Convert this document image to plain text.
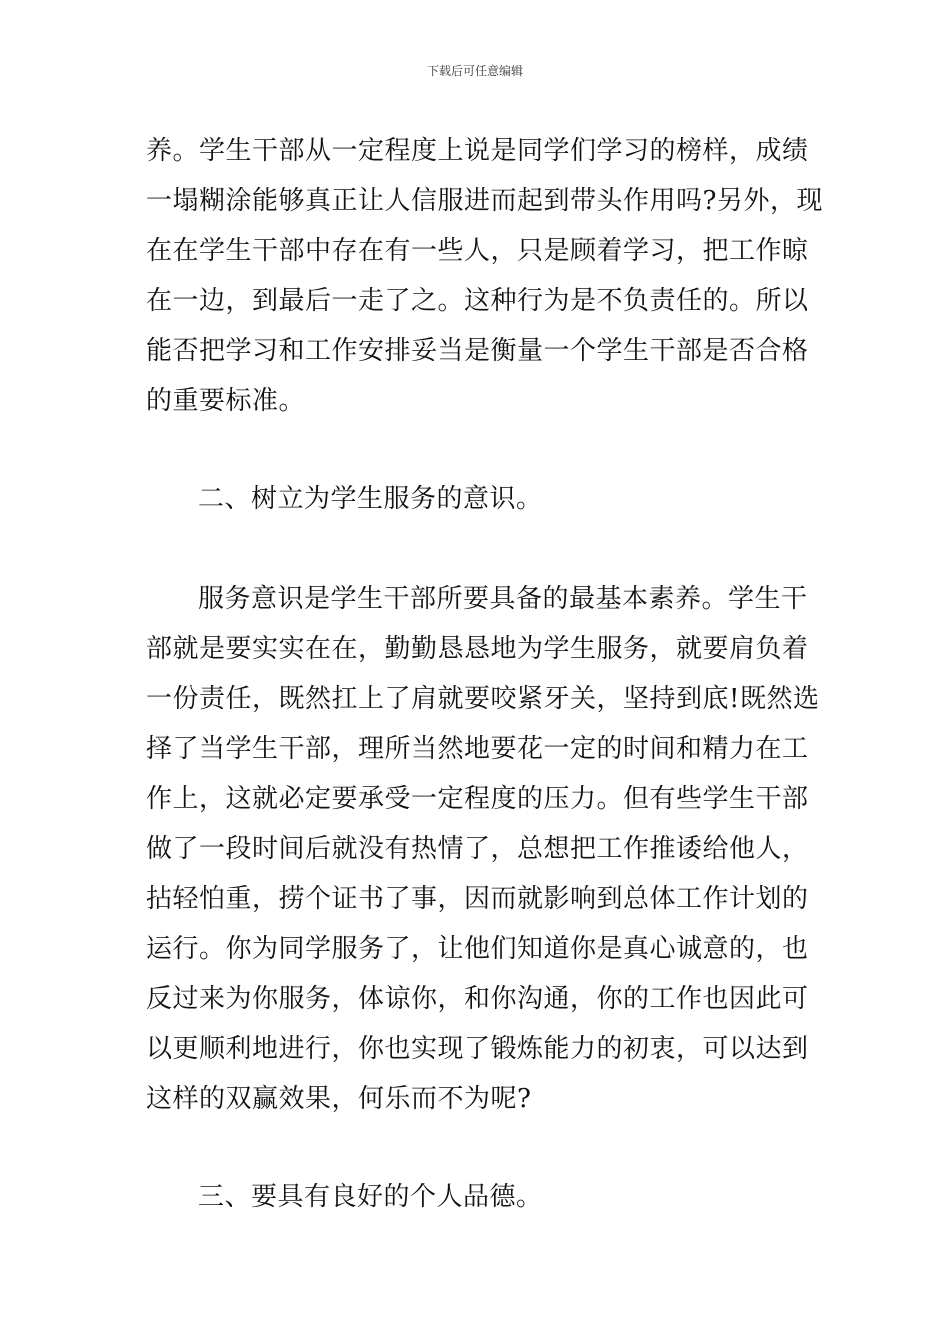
下载后可任意编辑
养。学生干部从一定程度上说是同学们学习的榜样，成绩
一塌糊涂能够真正让人信服进而起到带头作用吗?另外，现
在在学生干部中存在有一些人，只是顾着学习，把工作晾
在一边，到最后一走了之。这种行为是不负责任的。所以
能否把学习和工作安排妥当是衡量一个学生干部是否合格
的重要标准。
二、树立为学生服务的意识。
服务意识是学生干部所要具备的最基本素养。学生干
部就是要实实在在，勤勤恳恳地为学生服务，就要肩负着
一份责任，既然扛上了肩就要咬紧牙关，坚持到底!既然选
择了当学生干部，理所当然地要花一定的时间和精力在工
作上，这就必定要承受一定程度的压力。但有些学生干部
做了一段时间后就没有热情了，总想把工作推诿给他人，
拈轻怕重，捞个证书了事，因而就影响到总体工作计划的
运行。你为同学服务了，让他们知道你是真心诚意的，也
反过来为你服务，体谅你，和你沟通，你的工作也因此可
以更顺利地进行，你也实现了锻炼能力的初衷，可以达到
这样的双赢效果，何乐而不为呢?
三、要具有良好的个人品德。
